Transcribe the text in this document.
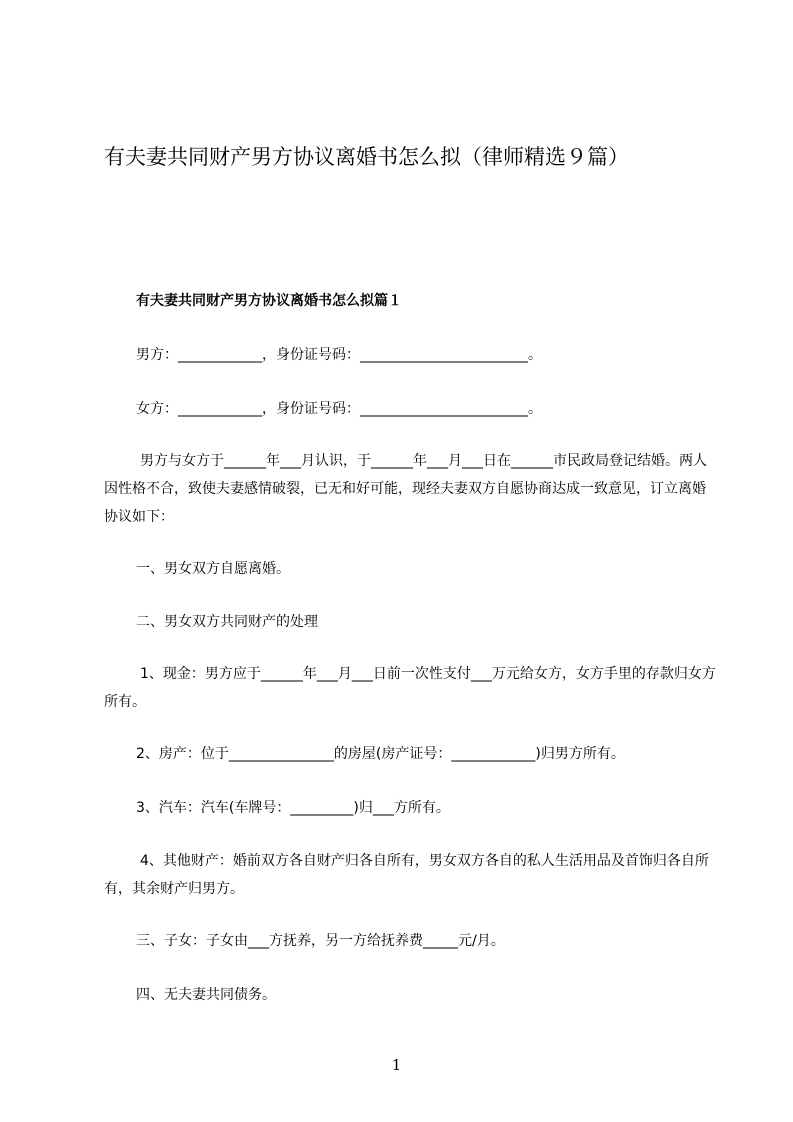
有夫妻共同财产男方协议离婚书怎么拟（律师精选９篇）
有夫妻共同财产男方协议离婚书怎么拟篇１
男方：____________，身份证号码：________________________。
女方：____________，身份证号码：________________________。
男方与女方于______年___月认识，于______年___月___日在______市民政局登记结婚。两人因性格不合，致使夫妻感情破裂，已无和好可能，现经夫妻双方自愿协商达成一致意见，订立离婚协议如下：
一、男女双方自愿离婚。
二、男女双方共同财产的处理
1、现金：男方应于______年___月___日前一次性支付___万元给女方，女方手里的存款归女方所有。
2、房产：位于_______________的房屋(房产证号：____________)归男方所有。
3、汽车：汽车(车牌号：_________)归___方所有。
4、其他财产：婚前双方各自财产归各自所有，男女双方各自的私人生活用品及首饰归各自所有，其余财产归男方。
三、子女：子女由___方抚养，另一方给抚养费_____元/月。
四、无夫妻共同债务。
1
